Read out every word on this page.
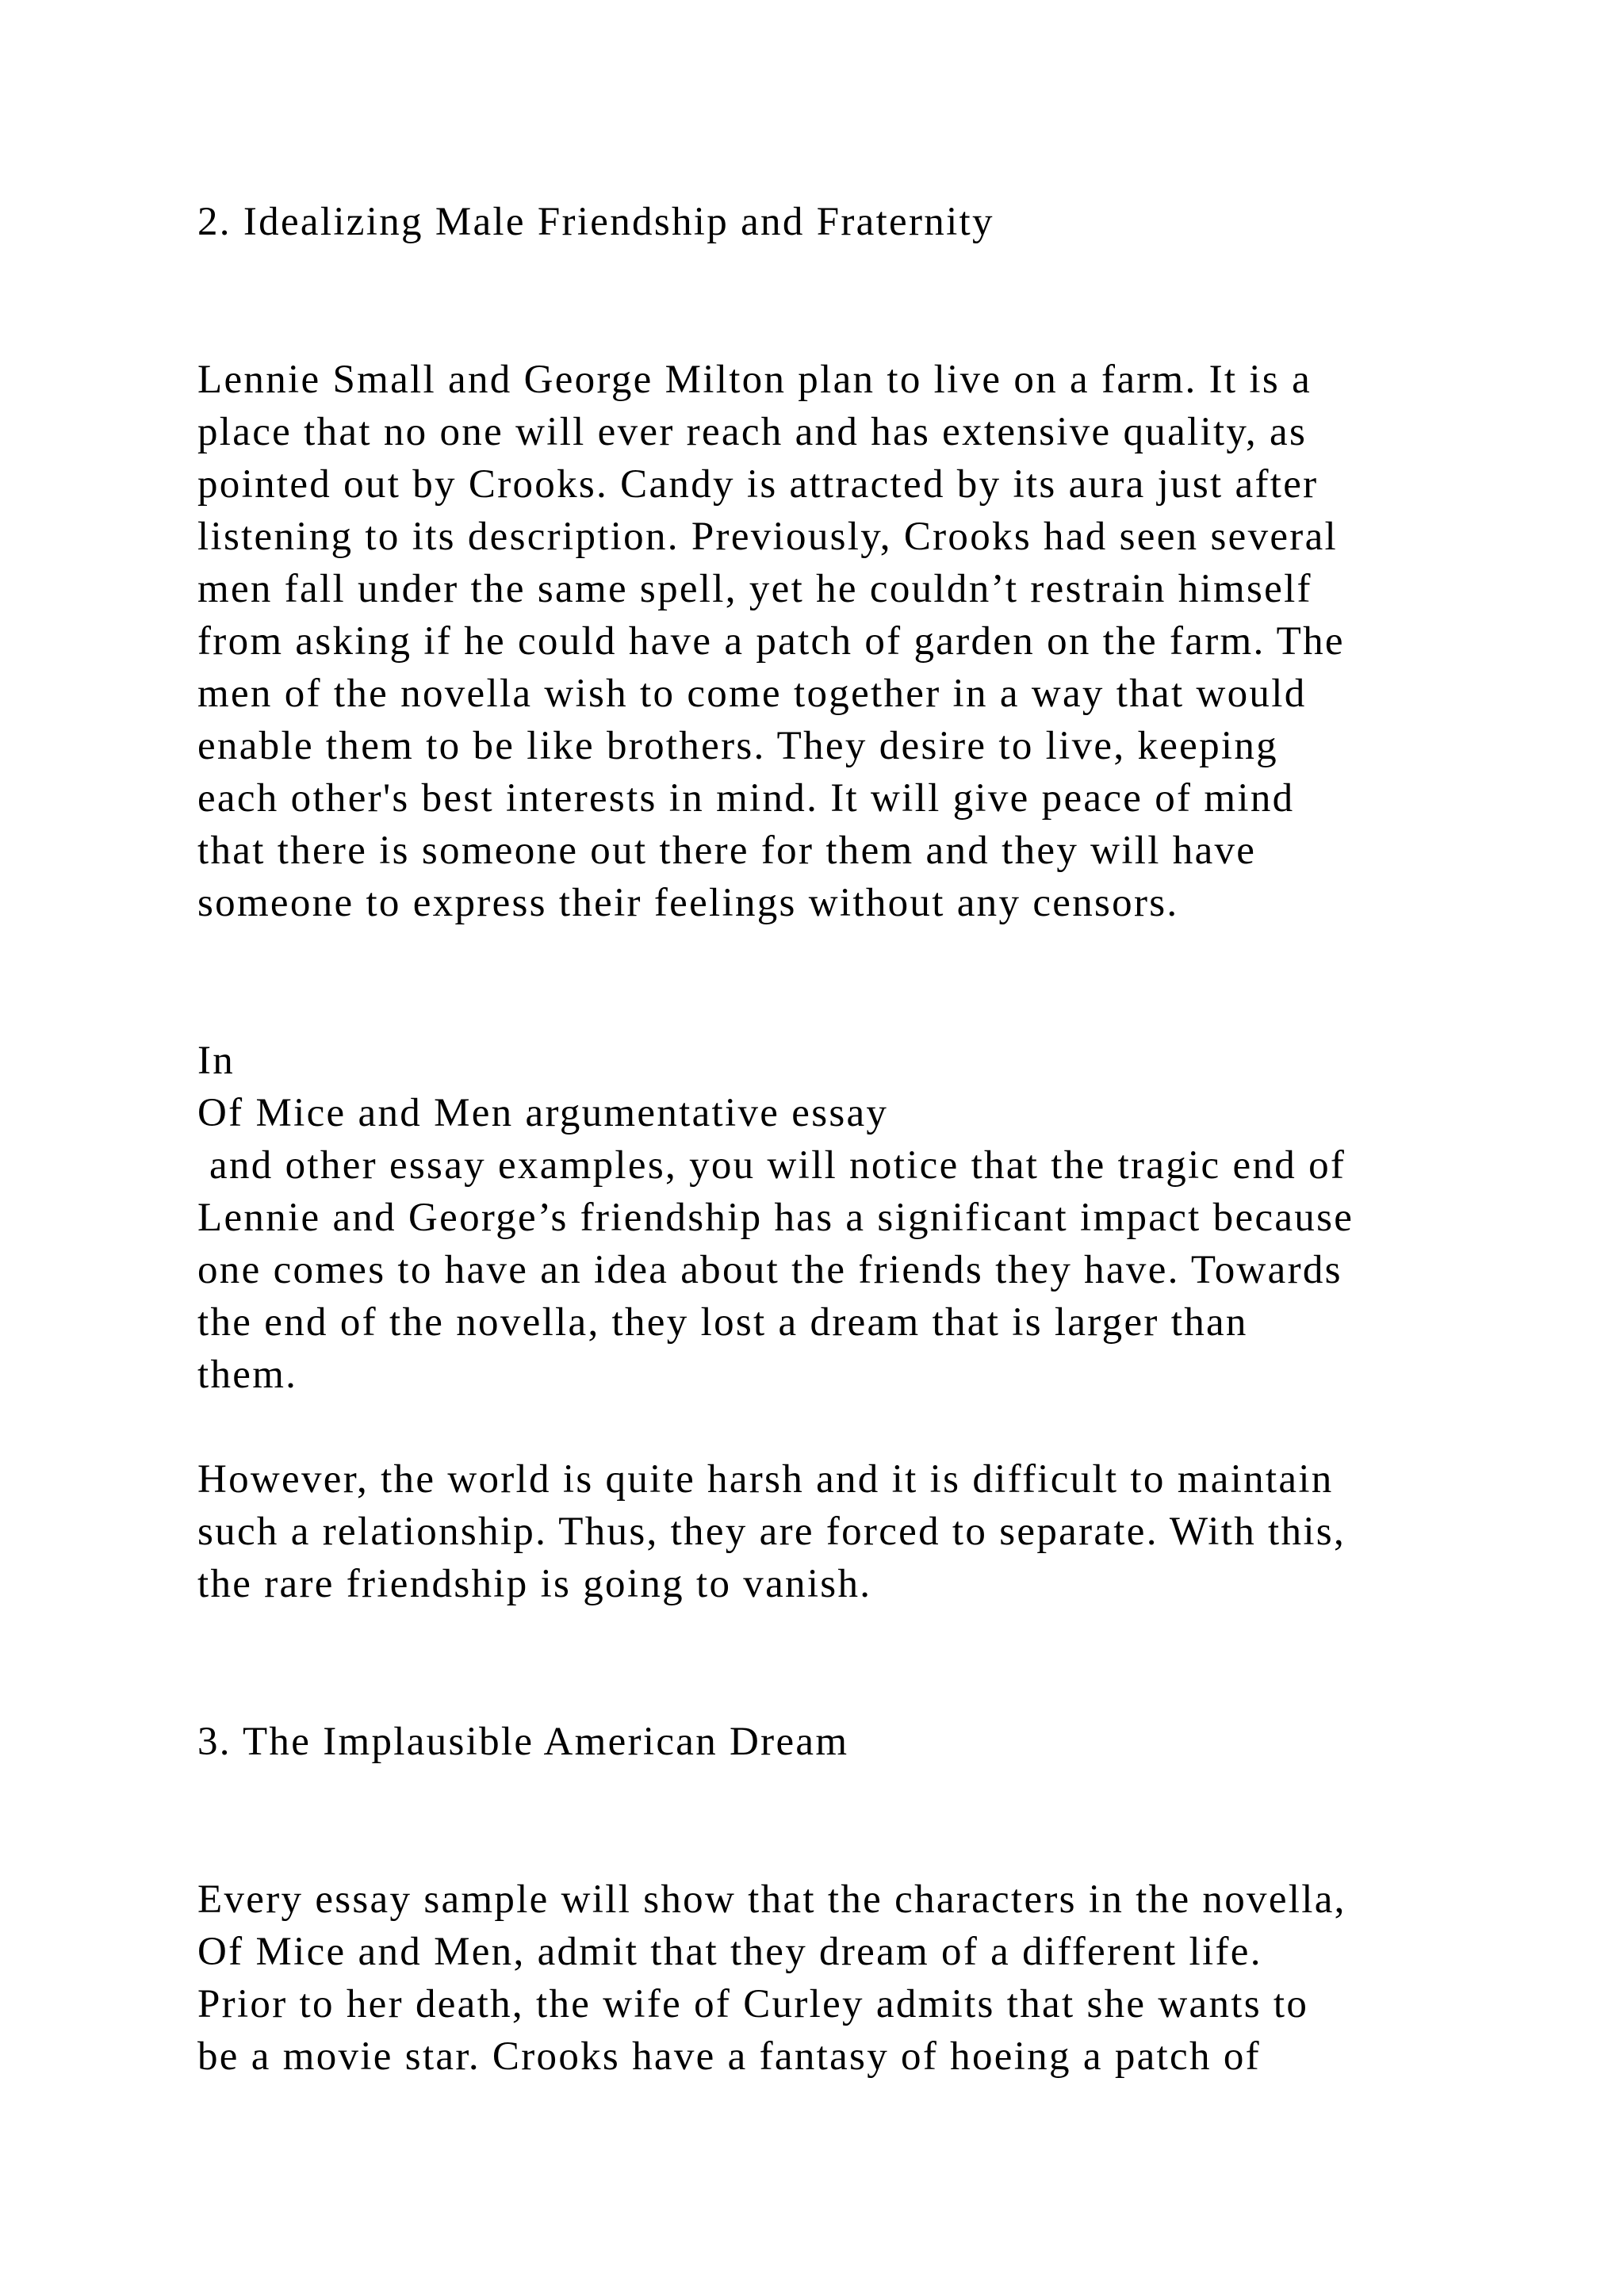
2. Idealizing Male Friendship and Fraternity

Lennie Small and George Milton plan to live on a farm. It is a

place that no one will ever reach and has extensive quality, as

pointed out by Crooks. Candy is attracted by its aura just after

listening to its description. Previously, Crooks had seen several

men fall under the same spell, yet he couldn’t restrain himself

from asking if he could have a patch of garden on the farm. The

men of the novella wish to come together in a way that would

enable them to be like brothers. They desire to live, keeping

each other's best interests in mind. It will give peace of mind

that there is someone out there for them and they will have

someone to express their feelings without any censors.

In

Of Mice and Men argumentative essay

and other essay examples, you will notice that the tragic end of

Lennie and George’s friendship has a significant impact because

one comes to have an idea about the friends they have. Towards

the end of the novella, they lost a dream that is larger than

them.

However, the world is quite harsh and it is difficult to maintain

such a relationship. Thus, they are forced to separate. With this,

the rare friendship is going to vanish.

3. The Implausible American Dream

Every essay sample will show that the characters in the novella,

Of Mice and Men, admit that they dream of a different life.

Prior to her death, the wife of Curley admits that she wants to

be a movie star. Crooks have a fantasy of hoeing a patch of
